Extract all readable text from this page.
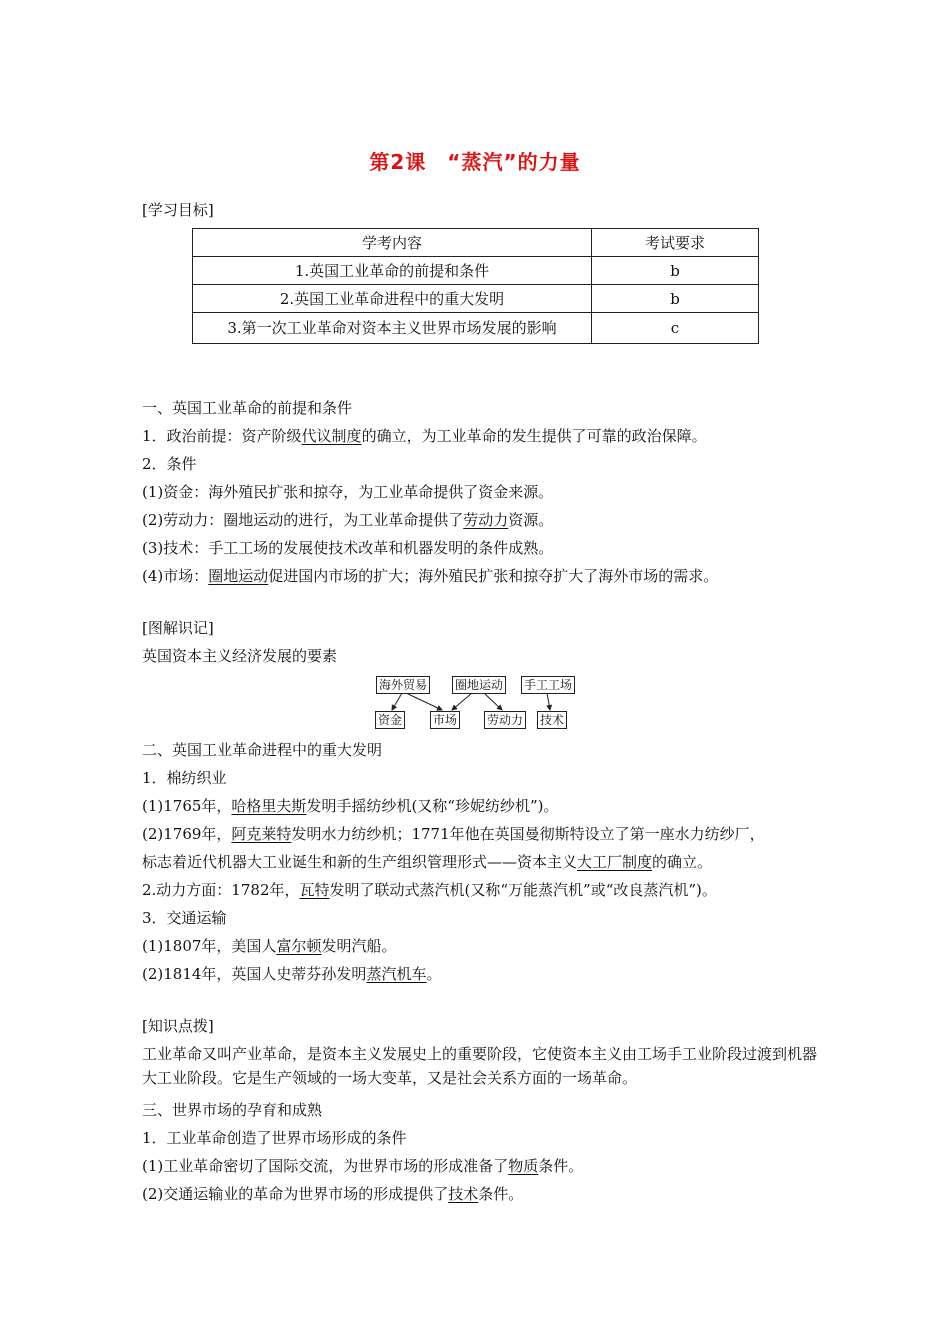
第2课　“蒸汽”的力量
[学习目标]
学考内容	考试要求
1.英国工业革命的前提和条件	b
2.英国工业革命进程中的重大发明	b
3.第一次工业革命对资本主义世界市场发展的影响	c
一、英国工业革命的前提和条件
1．政治前提：资产阶级代议制度的确立，为工业革命的发生提供了可靠的政治保障。
2．条件
(1)资金：海外殖民扩张和掠夺，为工业革命提供了资金来源。
(2)劳动力：圈地运动的进行，为工业革命提供了劳动力资源。
(3)技术：手工工场的发展使技术改革和机器发明的条件成熟。
(4)市场：圈地运动促进国内市场的扩大；海外殖民扩张和掠夺扩大了海外市场的需求。
[图解识记]
英国资本主义经济发展的要素
海外贸易 圈地运动 手工工场
资金	市场 劳动力 技术
二、英国工业革命进程中的重大发明
1．棉纺织业
(1)1765年，哈格里夫斯发明手摇纺纱机(又称“珍妮纺纱机”)。
(2)1769年，阿克莱特发明水力纺纱机；1771年他在英国曼彻斯特设立了第一座水力纺纱厂，
标志着近代机器大工业诞生和新的生产组织管理形式——资本主义大工厂制度的确立。
2.动力方面：1782年，瓦特发明了联动式蒸汽机(又称“万能蒸汽机”或“改良蒸汽机”)。
3．交通运输
(1)1807年，美国人富尔顿发明汽船。
(2)1814年，英国人史蒂芬孙发明蒸汽机车。
[知识点拨]
工业革命又叫产业革命，是资本主义发展史上的重要阶段，它使资本主义由工场手工业阶段过渡到机器大工业阶段。它是生产领域的一场大变革，又是社会关系方面的一场革命。
三、世界市场的孕育和成熟
1．工业革命创造了世界市场形成的条件
(1)工业革命密切了国际交流，为世界市场的形成准备了物质条件。
(2)交通运输业的革命为世界市场的形成提供了技术条件。
